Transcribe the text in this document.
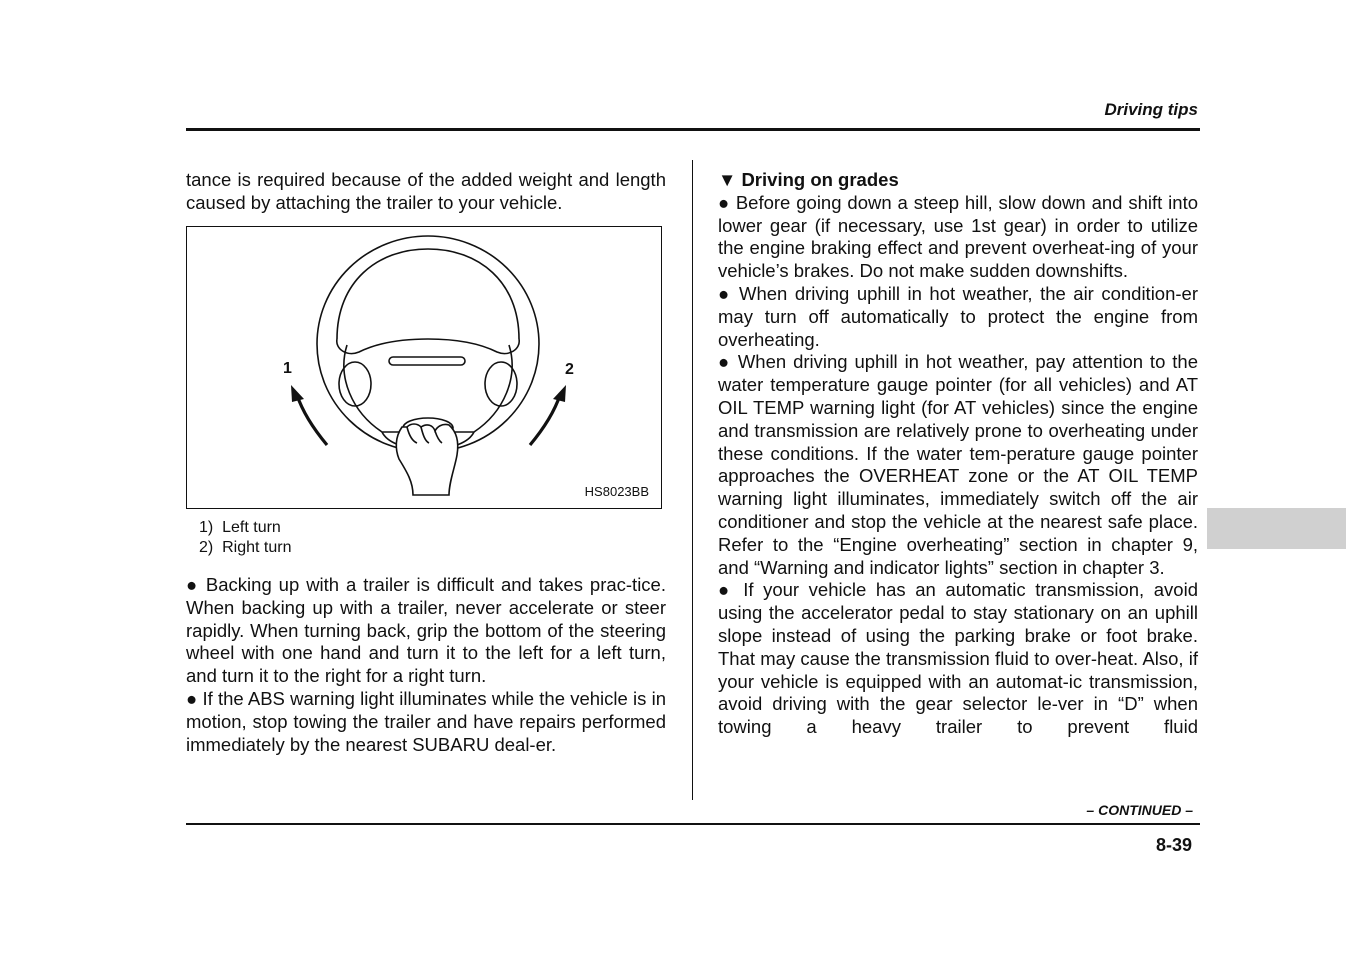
Driving tips

tance is required because of the added weight and length caused by attaching the trailer to your vehicle.

1	2
HS8023BB
1)  Left turn
2)  Right turn

● Backing up with a trailer is difficult and takes prac-tice. When backing up with a trailer, never accelerate or steer rapidly. When turning back, grip the bottom of the steering wheel with one hand and turn it to the left for a left turn, and turn it to the right for a right turn.

● If the ABS warning light illuminates while the vehicle is in motion, stop towing the trailer and have repairs performed immediately by the nearest SUBARU deal-er.

▼ Driving on grades

● Before going down a steep hill, slow down and shift into lower gear (if necessary, use 1st gear) in order to utilize the engine braking effect and prevent overheat-ing of your vehicle’s brakes. Do not make sudden downshifts.

● When driving uphill in hot weather, the air condition-er may turn off automatically to protect the engine from overheating.

● When driving uphill in hot weather, pay attention to the water temperature gauge pointer (for all vehicles) and AT OIL TEMP warning light (for AT vehicles) since the engine and transmission are relatively prone to overheating under these conditions. If the water tem-perature gauge pointer approaches the OVERHEAT zone or the AT OIL TEMP warning light illuminates, immediately switch off the air conditioner and stop the vehicle at the nearest safe place. Refer to the “Engine overheating” section in chapter 9, and “Warning and indicator lights” section in chapter 3.

● If your vehicle has an automatic transmission, avoid using the accelerator pedal to stay stationary on an uphill slope instead of using the parking brake or foot brake. That may cause the transmission fluid to over-heat. Also, if your vehicle is equipped with an automat-ic transmission, avoid driving with the gear selector le-ver in “D” when towing a heavy trailer to prevent fluid

– CONTINUED –
8-39
